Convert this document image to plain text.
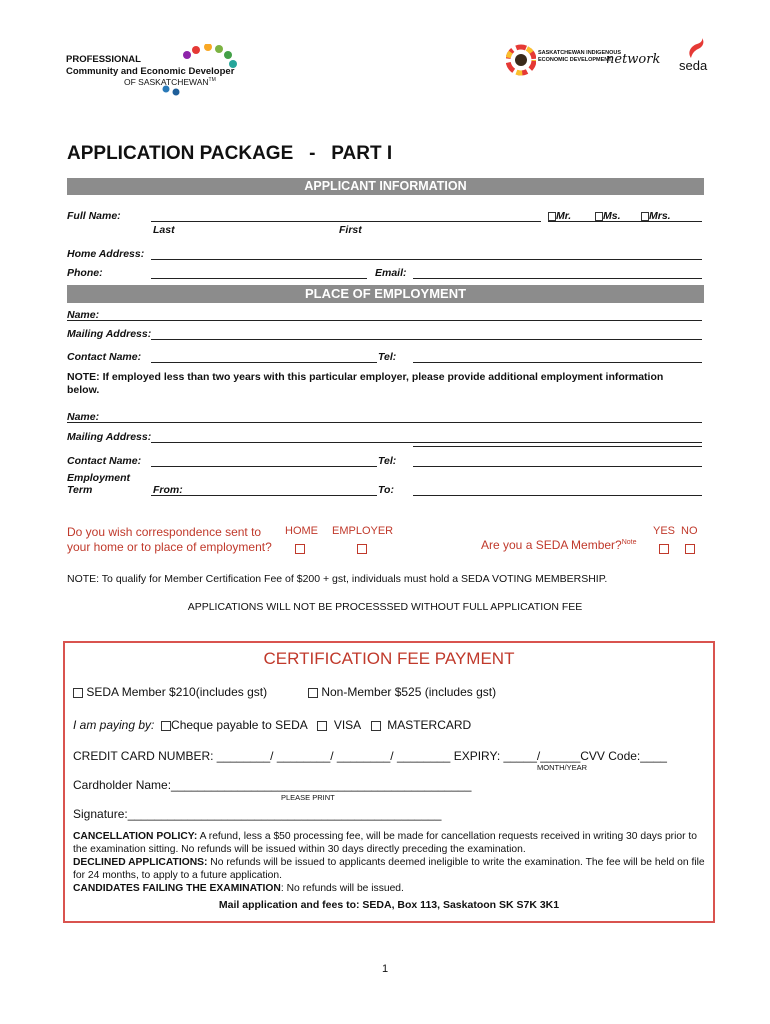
PROFESSIONAL
Community and Economic Developer
OF SASKATCHEWAN™
SASKATCHEWAN INDIGENOUS
ECONOMIC DEVELOPMENT
network seda
APPLICATION PACKAGE   -   PART I
APPLICANT INFORMATION
Full Name:
Last	First
Mr.	Ms.	Mrs.
Home Address:
Phone:	Email:
PLACE OF EMPLOYMENT
Name:
Mailing Address:
Contact Name:	Tel:
NOTE: If employed less than two years with this particular employer, please provide additional employment information below.
Name:
Mailing Address:
Contact Name:	Tel:
Employment
Term	From:	To:
Do you wish correspondence sent to
your home or to place of employment?
HOME EMPLOYER
Are you a SEDA Member?$^{Note}$
YES NO
NOTE: To qualify for Member Certification Fee of $200 + gst, individuals must hold a SEDA VOTING MEMBERSHIP.
APPLICATIONS WILL NOT BE PROCESSSED WITHOUT FULL APPLICATION FEE
CERTIFICATION FEE PAYMENT
SEDA Member $210(includes gst)	Non-Member $525 (includes gst)
I am paying by: Cheque payable to SEDA VISA MASTERCARD
CREDIT CARD NUMBER: ________/ ________/ ________/ ________ EXPIRY: _____/______CVV Code:____
MONTH/YEAR
Cardholder Name:_____________________________________________
PLEASE PRINT
Signature:_______________________________________________
CANCELLATION POLICY: A refund, less a $50 processing fee, will be made for cancellation requests received in writing 30 days prior to the examination sitting. No refunds will be issued within 30 days directly preceding the examination.
DECLINED APPLICATIONS: No refunds will be issued to applicants deemed ineligible to write the examination. The fee will be held on file for 24 months, to apply to a future application.
CANDIDATES FAILING THE EXAMINATION: No refunds will be issued.
Mail application and fees to: SEDA, Box 113, Saskatoon SK S7K 3K1
1
